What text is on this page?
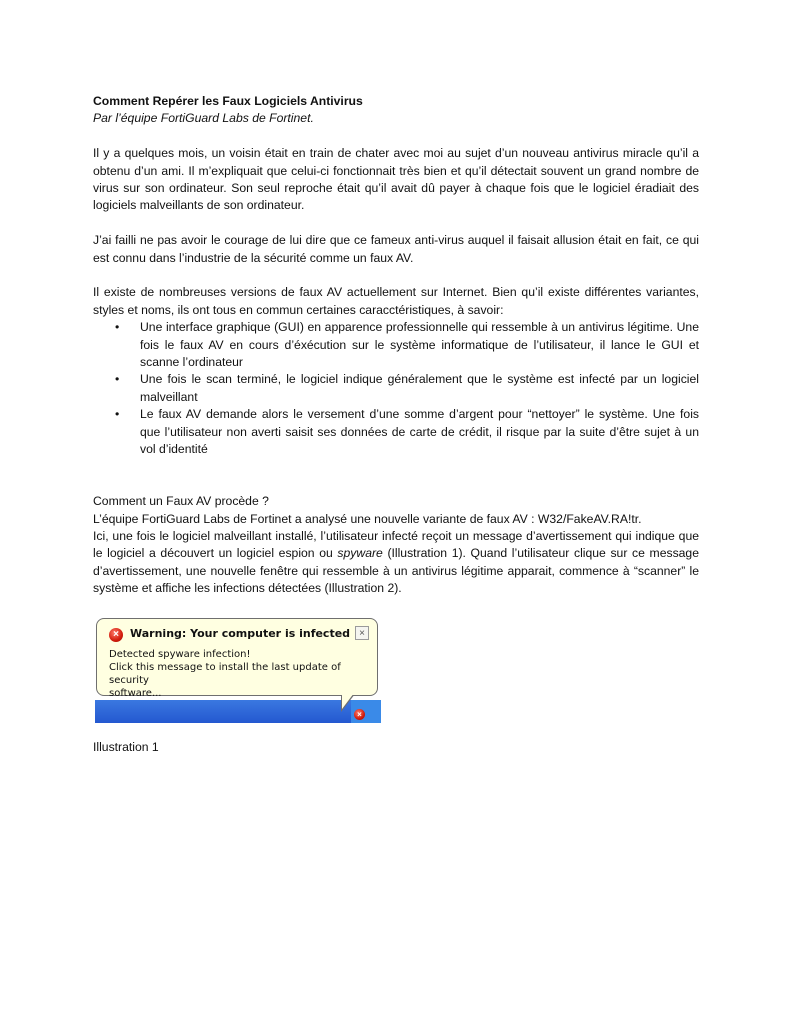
Comment Repérer les Faux Logiciels Antivirus

Par l’équipe FortiGuard Labs de Fortinet.

Il y a quelques mois, un voisin était en train de chater avec moi au sujet d’un nouveau antivirus miracle qu’il a obtenu d’un ami. Il m’expliquait que celui-ci fonctionnait très bien et qu’il détectait souvent un grand nombre de virus sur son ordinateur. Son seul reproche était qu’il avait dû payer à chaque fois que le logiciel éradiait des logiciels malveillants de son ordinateur.

J’ai failli ne pas avoir le courage de lui dire que ce fameux anti-virus auquel il faisait allusion était en fait, ce qui est connu dans l’industrie de la sécurité comme un faux AV.

Il existe de nombreuses versions de faux AV actuellement sur Internet. Bien qu’il existe différentes variantes, styles et noms, ils ont tous en commun certaines caracctéristiques, à savoir:

• Une interface graphique (GUI) en apparence professionnelle qui ressemble à un antivirus légitime. Une fois le faux AV en cours d’éxécution sur le système informatique de l’utilisateur, il lance le GUI et scanne l’ordinateur
• Une fois le scan terminé, le logiciel indique généralement que le système est infecté par un logiciel malveillant
• Le faux AV demande alors le versement d’une somme d’argent pour “nettoyer” le système. Une fois que l’utilisateur non averti saisit ses données de carte de crédit, il risque par la suite d’être sujet à un vol d’identité

Comment un Faux AV procède ?

L’équipe FortiGuard Labs de Fortinet a analysé une nouvelle variante de faux AV : W32/FakeAV.RA!tr.

Ici, une fois le logiciel malveillant installé, l’utilisateur infecté reçoit un message d’avertissement qui indique que le logiciel a découvert un logiciel espion ou spyware (Illustration 1). Quand l’utilisateur clique sur ce message d’avertissement, une nouvelle fenêtre qui ressemble à un antivirus légitime apparait, commence à “scanner” le système et affiche les infections détectées (Illustration 2).

×	Warning: Your computer is infected ×
Detected spyware infection!
Click this message to install the last update of security
software...
×
Illustration 1
